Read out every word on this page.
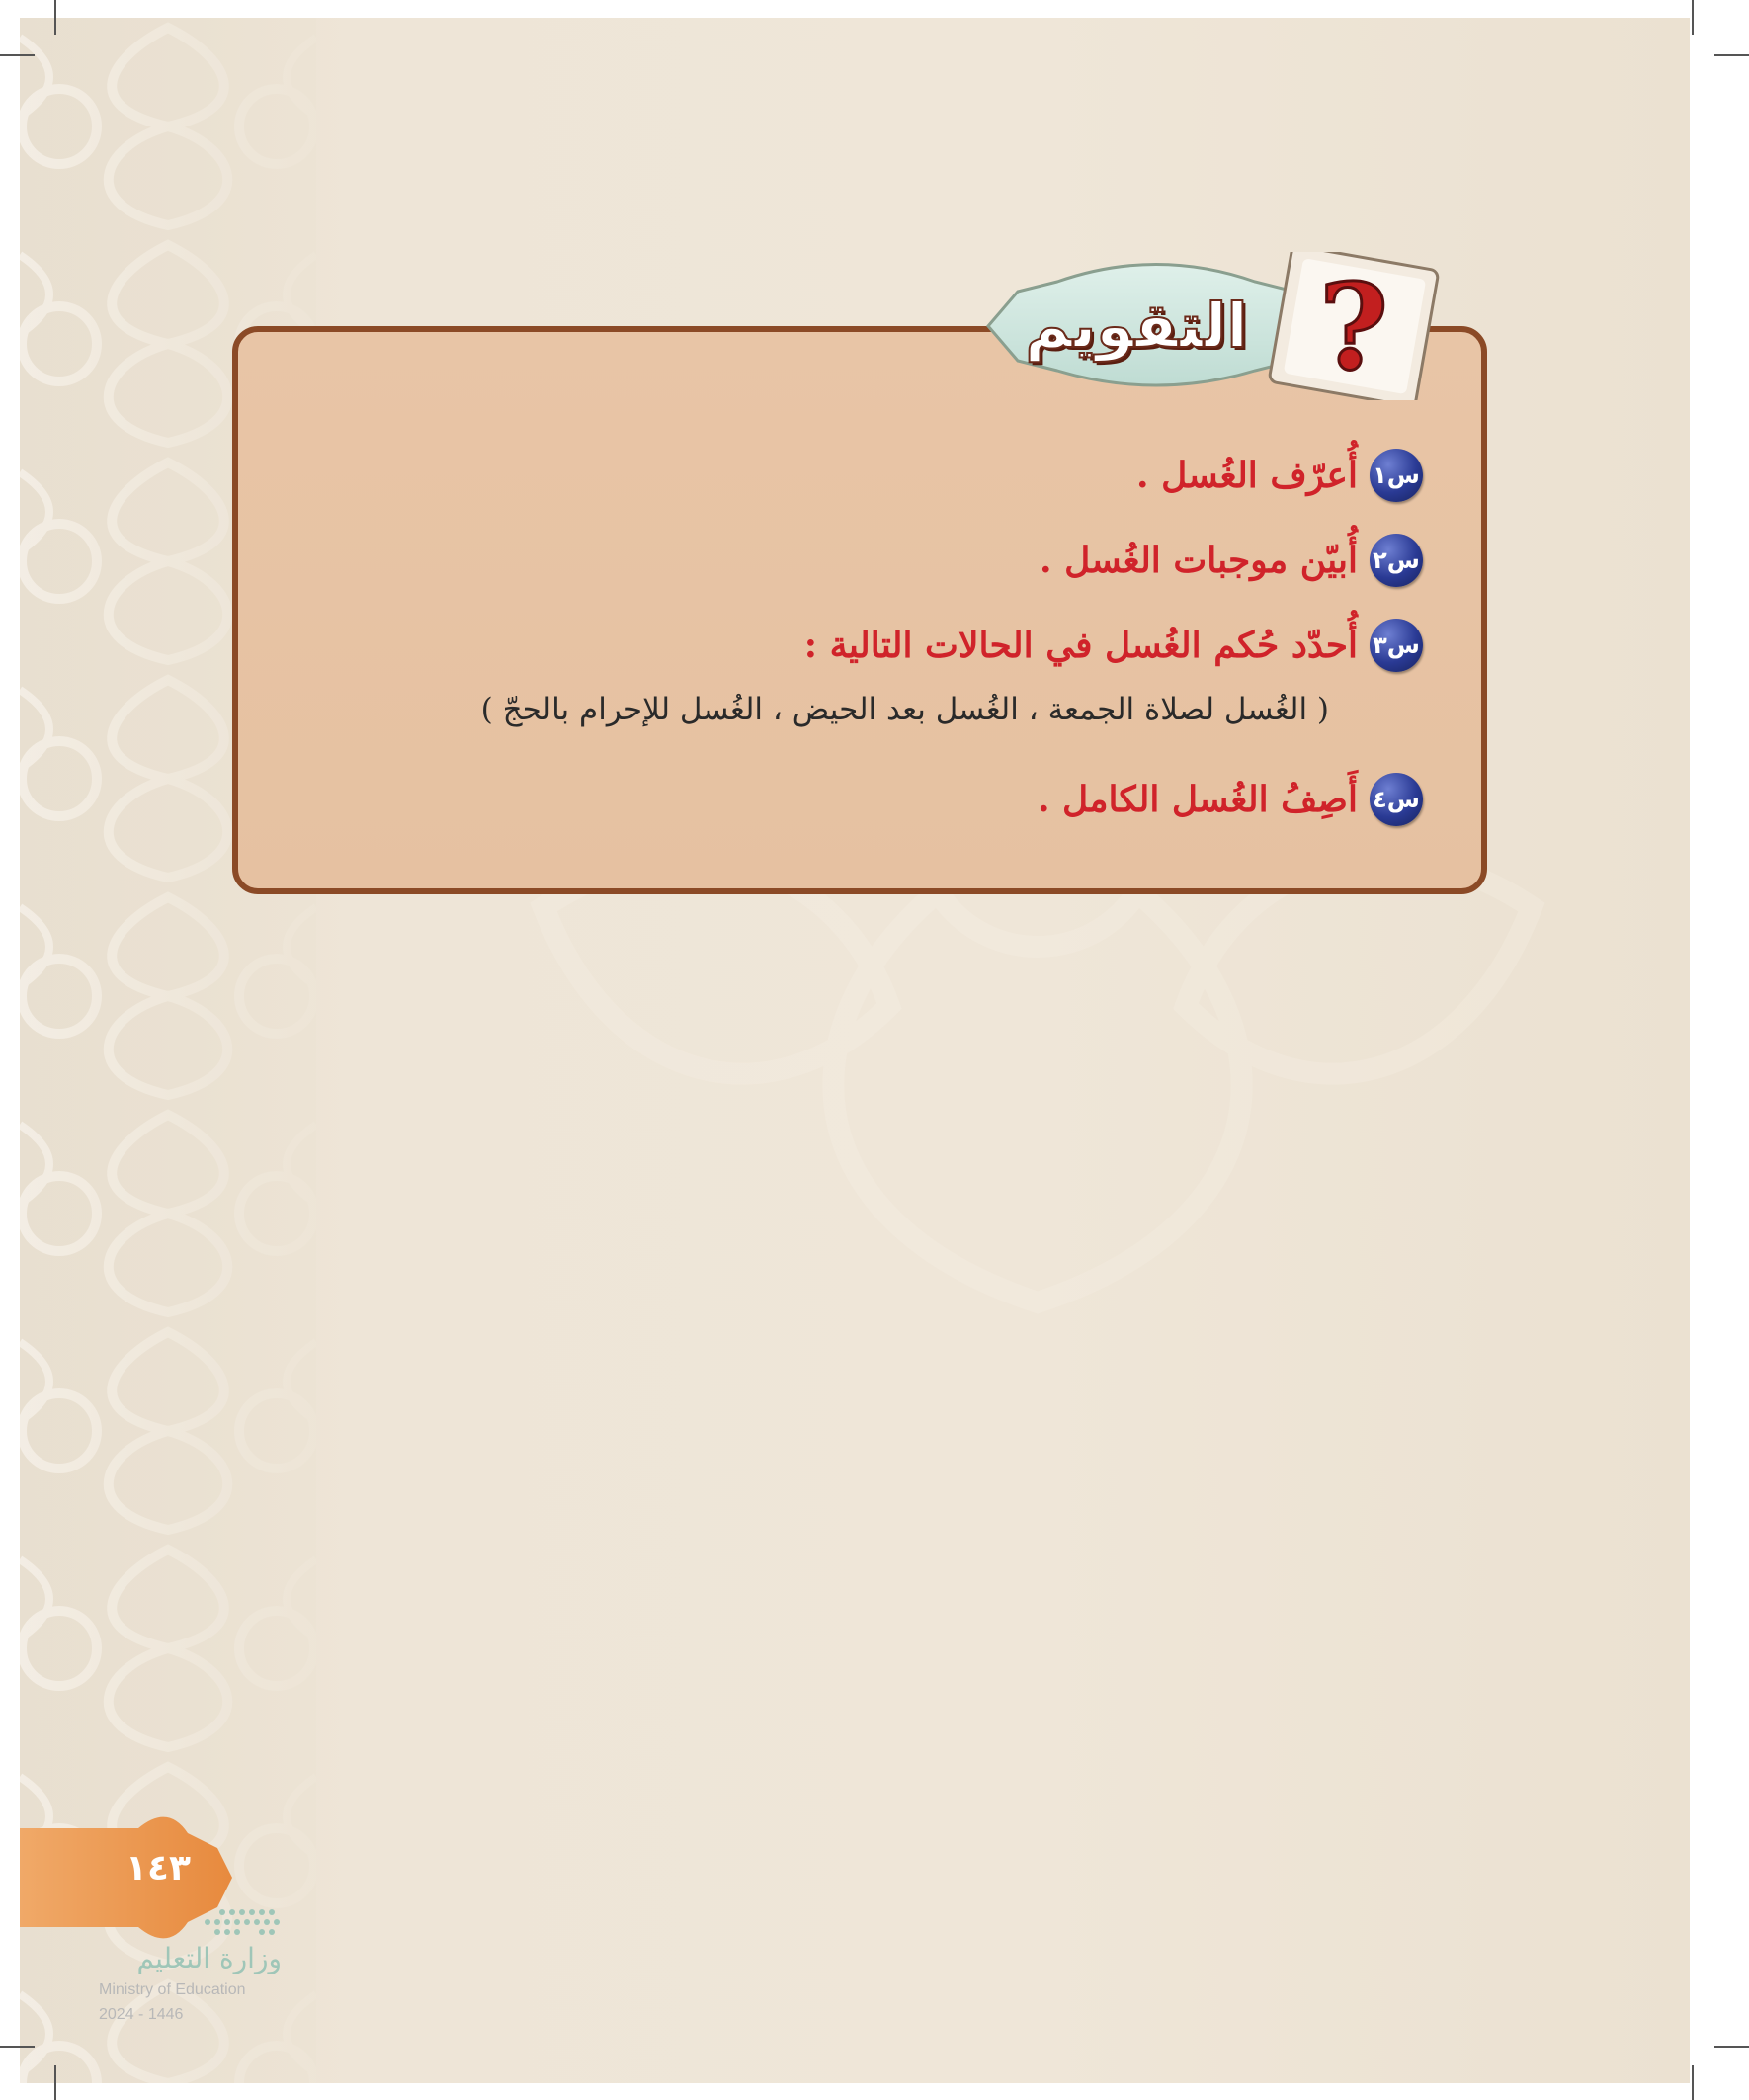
?
التقويم
س١
أُعرّف الغُسل .
س٢
أُبيّن موجبات الغُسل .
س٣
أُحدّد حُكم الغُسل في الحالات التالية :
( الغُسل لصلاة الجمعة ، الغُسل بعد الحيض ، الغُسل للإحرام بالحجّ )
س٤
أَصِفُ الغُسل الكامل .
١٤٣
وزارة التعليم
Ministry of Education
2024 - 1446
